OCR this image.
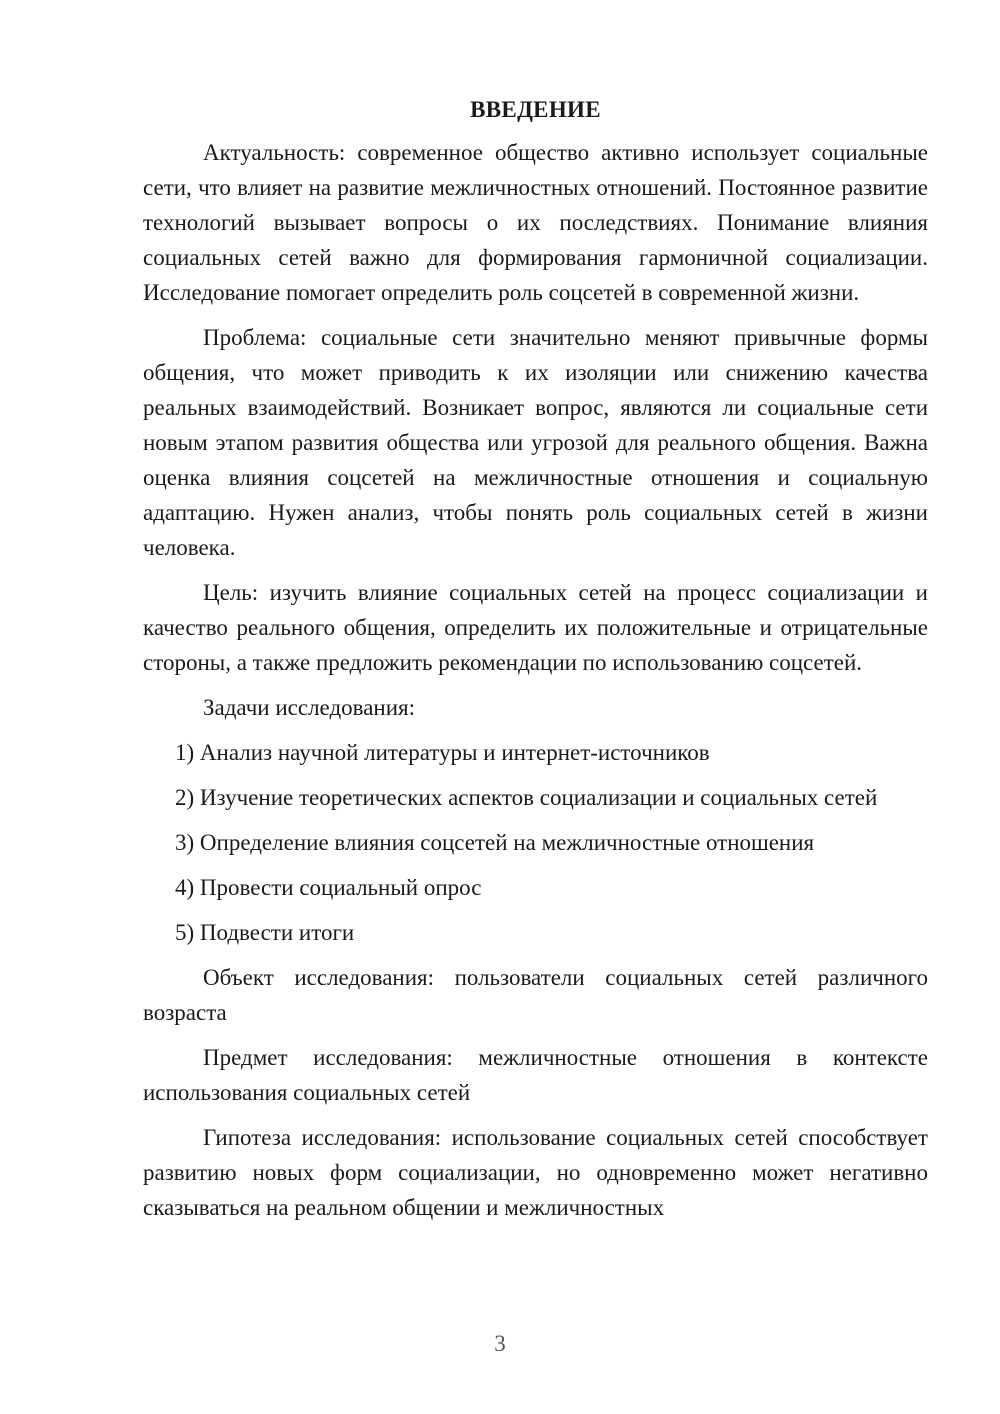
ВВЕДЕНИЕ

Актуальность: современное общество активно использует социальные сети, что влияет на развитие межличностных отношений. Постоянное развитие технологий вызывает вопросы о их последствиях. Понимание влияния социальных сетей важно для формирования гармоничной социализации. Исследование помогает определить роль соцсетей в современной жизни.

Проблема: социальные сети значительно меняют привычные формы общения, что может приводить к их изоляции или снижению качества реальных взаимодействий. Возникает вопрос, являются ли социальные сети новым этапом развития общества или угрозой для реального общения. Важна оценка влияния соцсетей на межличностные отношения и социальную адаптацию. Нужен анализ, чтобы понять роль социальных сетей в жизни человека.

Цель: изучить влияние социальных сетей на процесс социализации и качество реального общения, определить их положительные и отрицательные стороны, а также предложить рекомендации по использованию соцсетей.

Задачи исследования:

1) Анализ научной литературы и интернет-источников
2) Изучение теоретических аспектов социализации и социальных сетей
3) Определение влияния соцсетей на межличностные отношения
4) Провести социальный опрос
5) Подвести итоги

Объект исследования: пользователи социальных сетей различного возраста

Предмет исследования: межличностные отношения в контексте использования социальных сетей

Гипотеза исследования: использование социальных сетей способствует развитию новых форм социализации, но одновременно может негативно сказываться на реальном общении и межличностных

3
